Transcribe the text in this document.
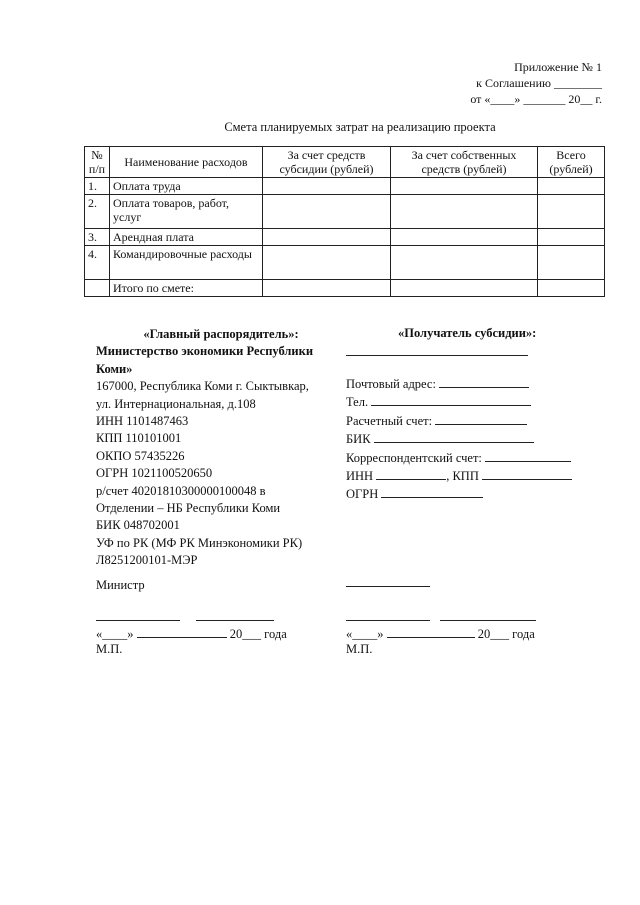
Приложение № 1
к Соглашению ________
от «____» _______ 20__ г.
Смета планируемых затрат на реализацию проекта
№ п/п	Наименование расходов	За счет средств субсидии (рублей)	За счет собственных средств (рублей)	Всего (рублей)
1.	Оплата труда			
2.	Оплата товаров, работ, услуг			
3.	Арендная плата			
4.	Командировочные расходы			
	Итого по смете:			
«Главный распорядитель»:
Министерство экономики Республики
Коми»
167000, Республика Коми г. Сыктывкар,
ул. Интернациональная, д.108
ИНН 1101487463
КПП 110101001
ОКПО 57435226
ОГРН 1021100520650
р/счет 40201810300000100048 в
Отделении – НБ Республики Коми
БИК 048702001
УФ по РК (МФ РК Минэкономики РК)
Л8251200101-МЭР
Министр
«____»	20___ года
М.П.
«Получатель субсидии»:
Почтовый адрес:
Тел.
Расчетный счет:
БИК
Корреспондентский счет:
ИНН	, КПП
ОГРН
«____»	20___ года
М.П.
